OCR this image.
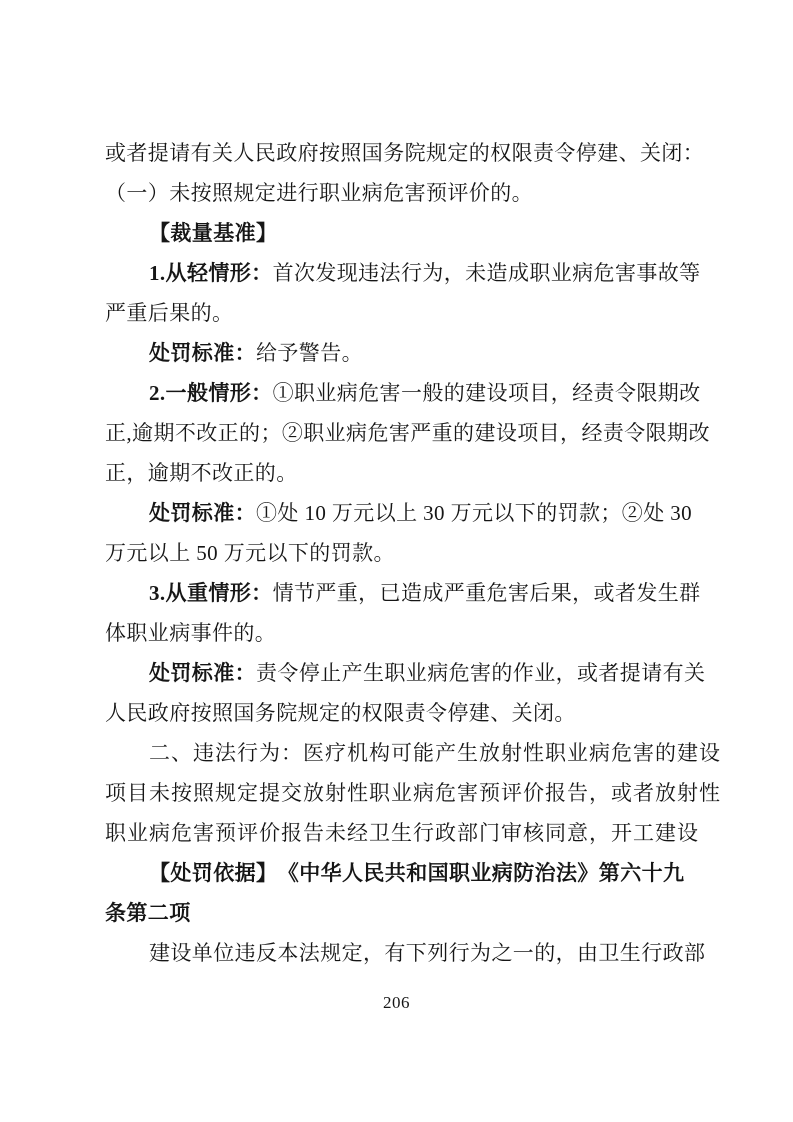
或者提请有关人民政府按照国务院规定的权限责令停建、关闭：
（一）未按照规定进行职业病危害预评价的。
【裁量基准】
1.从轻情形：首次发现违法行为，未造成职业病危害事故等
严重后果的。
处罚标准：给予警告。
2.一般情形：①职业病危害一般的建设项目，经责令限期改
正,逾期不改正的；②职业病危害严重的建设项目，经责令限期改
正，逾期不改正的。
处罚标准：①处 10 万元以上 30 万元以下的罚款；②处 30
万元以上 50 万元以下的罚款。
3.从重情形：情节严重，已造成严重危害后果，或者发生群
体职业病事件的。
处罚标准：责令停止产生职业病危害的作业，或者提请有关
人民政府按照国务院规定的权限责令停建、关闭。
二、违法行为：医疗机构可能产生放射性职业病危害的建设
项目未按照规定提交放射性职业病危害预评价报告，或者放射性
职业病危害预评价报告未经卫生行政部门审核同意，开工建设
【处罚依据】　《中华人民共和国职业病防治法》第六十九
条第二项
建设单位违反本法规定，有下列行为之一的，由卫生行政部
206
